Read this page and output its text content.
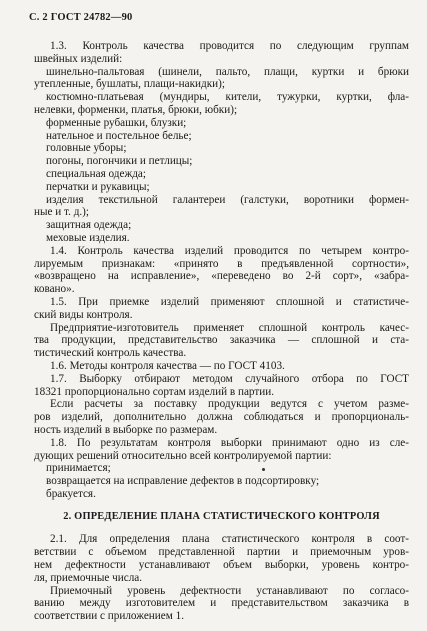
С. 2 ГОСТ 24782—90
1.3. Контроль качества проводится по следующим группам
швейных изделий:
шинельно-пальтовая (шинели, пальто, плащи, куртки и брюки
утепленные, бушлаты, плащи-накидки);
костюмно-платьевая (мундиры, кители, тужурки, куртки, фла-
нелевки, форменки, платья, брюки, юбки);
форменные рубашки, блузки;
нательное и постельное белье;
головные уборы;
погоны, погончики и петлицы;
специальная одежда;
перчатки и рукавицы;
изделия текстильной галантереи (галстуки, воротники формен-
ные и т. д.);
защитная одежда;
меховые изделия.
1.4. Контроль качества изделий проводится по четырем контро-
лируемым признакам: «принято в предъявленной сортности»,
«возвращено на исправление», «переведено во 2-й сорт», «забра-
ковано».
1.5. При приемке изделий применяют сплошной и статистиче-
ский виды контроля.
Предприятие-изготовитель применяет сплошной контроль качес-
тва продукции, представительство заказчика — сплошной и ста-
тистический контроль качества.
1.6. Методы контроля качества — по ГОСТ 4103.
1.7. Выборку отбирают методом случайного отбора по ГОСТ
18321 пропорционально сортам изделий в партии.
Если расчеты за поставку продукции ведутся с учетом разме-
ров изделий, дополнительно должна соблюдаться и пропорциональ-
ность изделий в выборке по размерам.
1.8. По результатам контроля выборки принимают одно из сле-
дующих решений относительно всей контролируемой партии:
принимается;
возвращается на исправление дефектов в подсортировку;
бракуется.
2. ОПРЕДЕЛЕНИЕ ПЛАНА СТАТИСТИЧЕСКОГО КОНТРОЛЯ
2.1. Для определения плана статистического контроля в соот-
ветствии с объемом представленной партии и приемочным уров-
нем дефектности устанавливают объем выборки, уровень контро-
ля, приемочные числа.
Приемочный уровень дефектности устанавливают по согласо-
ванию между изготовителем и представительством заказчика в
соответствии с приложением 1.
